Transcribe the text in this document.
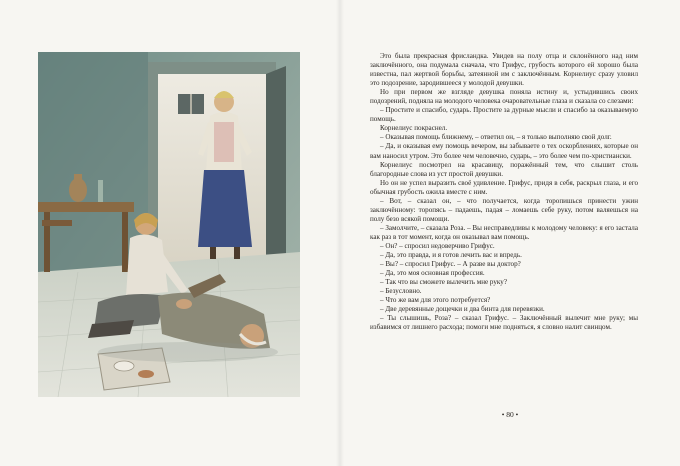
Это была прекрасная фрисландка. Увидев на полу отца и склонённого над ним заключённого, она подумала сначала, что Грифус, грубость которого ей хорошо была известна, пал жертвой борьбы, затеянной им с заключённым. Корнелиус сразу уловил это подозрение, зародившееся у молодой девушки.

Но при первом же взгляде девушка поняла истину и, устыдившись своих подозрений, подняла на молодого человека очаровательные глаза и сказала со слезами:

– Простите и спасибо, сударь. Простите за дурные мысли и спасибо за оказываемую помощь.

Корнелиус покраснел.

– Оказывая помощь ближнему, – ответил он, – я только выполняю свой долг.

– Да, и оказывая ему помощь вечером, вы забываете о тех оскорблениях, которые он вам наносил утром. Это более чем человечно, сударь, – это более чем по-христиански.

Корнелиус посмотрел на красавицу, поражённый тем, что слышит столь благородные слова из уст простой девушки.

Но он не успел выразить своё удивление. Грифус, придя в себя, раскрыл глаза, и его обычная грубость ожила вместе с ним.

– Вот, – сказал он, – что получается, когда торопишься принести ужин заключённому: торопясь – падаешь, падая – ломаешь себе руку, потом валяешься на полу безо всякой помощи.

– Замолчите, – сказала Роза. – Вы несправедливы к молодому человеку: я его застала как раз в тот момент, когда он оказывал вам помощь.

– Он? – спросил недоверчиво Грифус.

– Да, это правда, и я готов лечить вас и впредь.

– Вы? – спросил Грифус. – А разве вы доктор?

– Да, это моя основная профессия.

– Так что вы сможете вылечить мне руку?

– Безусловно.

– Что же вам для этого потребуется?

– Две деревянные дощечки и два бинта для перевязки.

– Ты слышишь, Роза? – сказал Грифус. – Заключённый вылечит мне руку; мы избавимся от лишнего расхода; помоги мне подняться, я словно налит свинцом.

• 80 •
